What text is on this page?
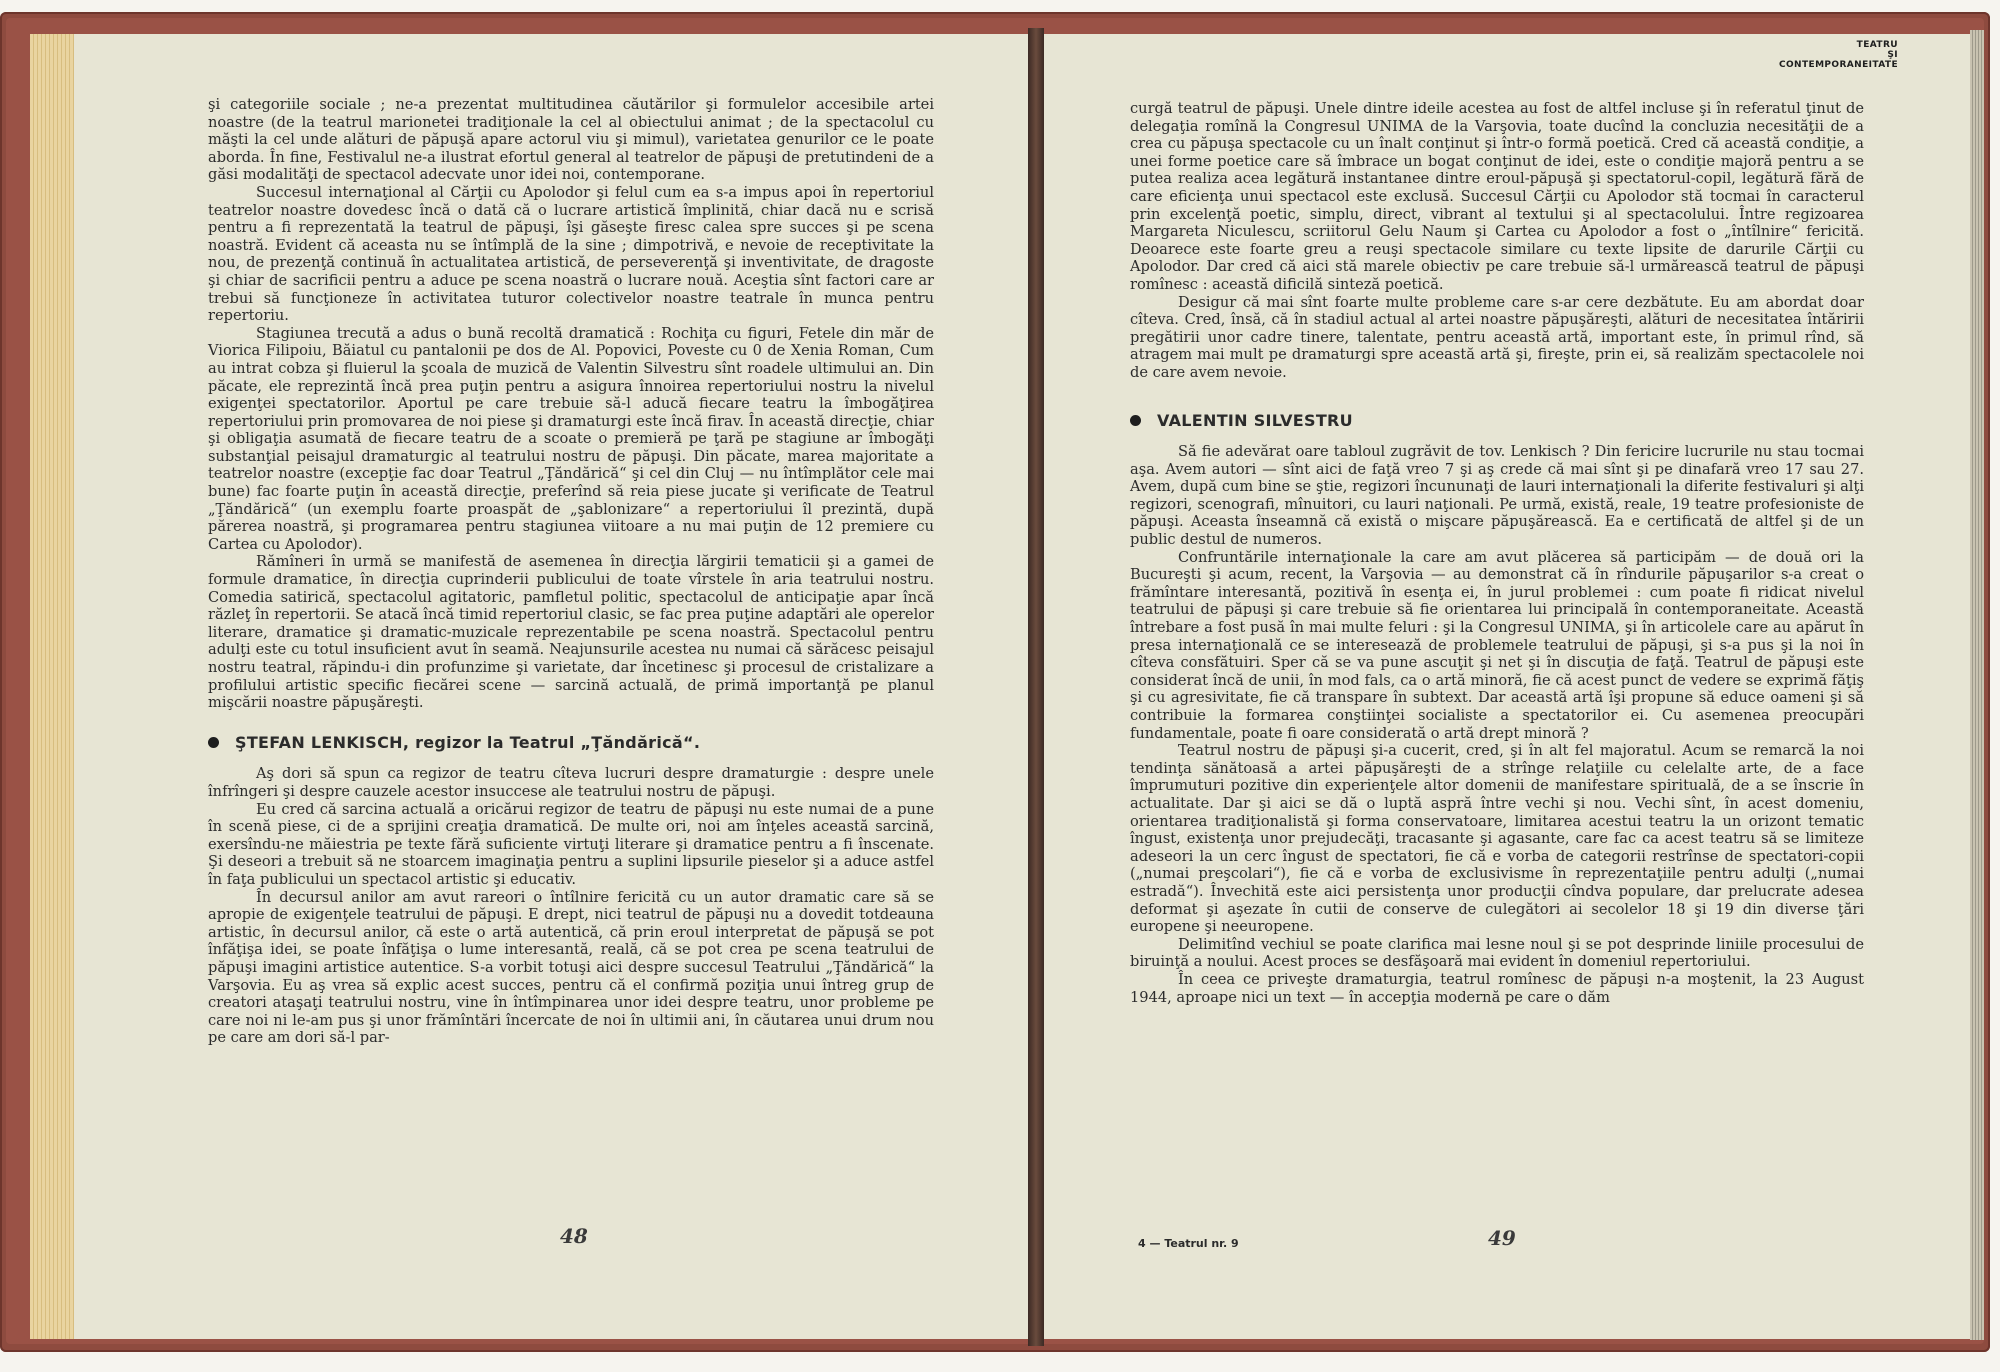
şi categoriile sociale ; ne-a prezentat multitudinea căutărilor şi formulelor accesibile artei noastre (de la teatrul marionetei tradiţionale la cel al obiectului animat ; de la spectacolul cu măşti la cel unde alături de păpuşă apare actorul viu şi mimul), varietatea genurilor ce le poate aborda. În fine, Festivalul ne-a ilustrat efortul general al teatrelor de păpuşi de pretutindeni de a găsi modalităţi de spectacol adecvate unor idei noi, contemporane.

Succesul internaţional al Cărţii cu Apolodor şi felul cum ea s-a impus apoi în repertoriul teatrelor noastre dovedesc încă o dată că o lucrare artistică împlinită, chiar dacă nu e scrisă pentru a fi reprezentată la teatrul de păpuşi, îşi găseşte firesc calea spre succes şi pe scena noastră. Evident că aceasta nu se întîmplă de la sine ; dimpotrivă, e nevoie de receptivitate la nou, de prezenţă continuă în actualitatea artistică, de perseverenţă şi inventivitate, de dragoste şi chiar de sacrificii pentru a aduce pe scena noastră o lucrare nouă. Aceştia sînt factori care ar trebui să funcţioneze în activitatea tuturor colectivelor noastre teatrale în munca pentru repertoriu.

Stagiunea trecută a adus o bună recoltă dramatică : Rochiţa cu figuri, Fetele din măr de Viorica Filipoiu, Băiatul cu pantalonii pe dos de Al. Popovici, Poveste cu 0 de Xenia Roman, Cum au intrat cobza şi fluierul la şcoala de muzică de Valentin Silvestru sînt roadele ultimului an. Din păcate, ele reprezintă încă prea puţin pentru a asigura înnoirea repertoriului nostru la nivelul exigenţei spectatorilor. Aportul pe care trebuie să-l aducă fiecare teatru la îmbogăţirea repertoriului prin promovarea de noi piese şi dramaturgi este încă firav. În această direcţie, chiar şi obligaţia asumată de fiecare teatru de a scoate o premieră pe ţară pe stagiune ar îmbogăţi substanţial peisajul dramaturgic al teatrului nostru de păpuşi. Din păcate, marea majoritate a teatrelor noastre (excepţie fac doar Teatrul „Ţăndărică“ şi cel din Cluj — nu întîmplător cele mai bune) fac foarte puţin în această direcţie, preferînd să reia piese jucate şi verificate de Teatrul „Ţăndărică“ (un exemplu foarte proaspăt de „şablonizare“ a repertoriului îl prezintă, după părerea noastră, şi programarea pentru stagiunea viitoare a nu mai puţin de 12 premiere cu Cartea cu Apolodor).

Rămîneri în urmă se manifestă de asemenea în direcţia lărgirii tematicii şi a gamei de formule dramatice, în direcţia cuprinderii publicului de toate vîrstele în aria teatrului nostru. Comedia satirică, spectacolul agitatoric, pamfletul politic, spectacolul de anticipaţie apar încă răzleţ în repertorii. Se atacă încă timid repertoriul clasic, se fac prea puţine adaptări ale operelor literare, dramatice şi dramatic-muzicale reprezentabile pe scena noastră. Spectacolul pentru adulţi este cu totul insuficient avut în seamă. Neajunsurile acestea nu numai că sărăcesc peisajul nostru teatral, răpindu-i din profunzime şi varietate, dar încetinesc şi procesul de cristalizare a profilului artistic specific fiecărei scene — sarcină actuală, de primă importanţă pe planul mişcării noastre păpuşăreşti.

ŞTEFAN LENKISCH, regizor la Teatrul „Ţăndărică“.

Aş dori să spun ca regizor de teatru cîteva lucruri despre dramaturgie : despre unele înfrîngeri şi despre cauzele acestor insuccese ale teatrului nostru de păpuşi.

Eu cred că sarcina actuală a oricărui regizor de teatru de păpuşi nu este numai de a pune în scenă piese, ci de a sprijini creaţia dramatică. De multe ori, noi am înţeles această sarcină, exersîndu-ne măiestria pe texte fără suficiente virtuţi literare şi dramatice pentru a fi înscenate. Şi deseori a trebuit să ne stoarcem imaginaţia pentru a suplini lipsurile pieselor şi a aduce astfel în faţa publicului un spectacol artistic şi educativ.

În decursul anilor am avut rareori o întîlnire fericită cu un autor dramatic care să se apropie de exigenţele teatrului de păpuşi. E drept, nici teatrul de păpuşi nu a dovedit totdeauna artistic, în decursul anilor, că este o artă autentică, că prin eroul interpretat de păpuşă se pot înfăţişa idei, se poate înfăţişa o lume interesantă, reală, că se pot crea pe scena teatrului de păpuşi imagini artistice autentice. S-a vorbit totuşi aici despre succesul Teatrului „Ţăndărică“ la Varşovia. Eu aş vrea să explic acest succes, pentru că el confirmă poziţia unui întreg grup de creatori ataşaţi teatrului nostru, vine în întîmpinarea unor idei despre teatru, unor probleme pe care noi ni le-am pus şi unor frămîntări încercate de noi în ultimii ani, în căutarea unui drum nou pe care am dori să-l par-

48
TEATRU
ŞI
CONTEMPORANEITATE

curgă teatrul de păpuşi. Unele dintre ideile acestea au fost de altfel incluse şi în referatul ţinut de delegaţia romînă la Congresul UNIMA de la Varşovia, toate ducînd la concluzia necesităţii de a crea cu păpuşa spectacole cu un înalt conţinut şi într-o formă poetică. Cred că această condiţie, a unei forme poetice care să îmbrace un bogat conţinut de idei, este o condiţie majoră pentru a se putea realiza acea legătură instantanee dintre eroul-păpuşă şi spectatorul-copil, legătură fără de care eficienţa unui spectacol este exclusă. Succesul Cărţii cu Apolodor stă tocmai în caracterul prin excelenţă poetic, simplu, direct, vibrant al textului şi al spectacolului. Între regizoarea Margareta Niculescu, scriitorul Gelu Naum şi Cartea cu Apolodor a fost o „întîlnire“ fericită. Deoarece este foarte greu a reuşi spectacole similare cu texte lipsite de darurile Cărţii cu Apolodor. Dar cred că aici stă marele obiectiv pe care trebuie să-l urmărească teatrul de păpuşi romînesc : această dificilă sinteză poetică.

Desigur că mai sînt foarte multe probleme care s-ar cere dezbătute. Eu am abordat doar cîteva. Cred, însă, că în stadiul actual al artei noastre păpuşăreşti, alături de necesitatea întăririi pregătirii unor cadre tinere, talentate, pentru această artă, important este, în primul rînd, să atragem mai mult pe dramaturgi spre această artă şi, fireşte, prin ei, să realizăm spectacolele noi de care avem nevoie.

VALENTIN SILVESTRU

Să fie adevărat oare tabloul zugrăvit de tov. Lenkisch ? Din fericire lucrurile nu stau tocmai aşa. Avem autori — sînt aici de faţă vreo 7 şi aş crede că mai sînt şi pe dinafară vreo 17 sau 27. Avem, după cum bine se ştie, regizori încununaţi de lauri internaţionali la diferite festivaluri şi alţi regizori, scenografi, mînuitori, cu lauri naţionali. Pe urmă, există, reale, 19 teatre profesioniste de păpuşi. Aceasta înseamnă că există o mişcare păpuşărească. Ea e certificată de altfel şi de un public destul de numeros.

Confruntările internaţionale la care am avut plăcerea să participăm — de două ori la Bucureşti şi acum, recent, la Varşovia — au demonstrat că în rîndurile păpuşarilor s-a creat o frămîntare interesantă, pozitivă în esenţa ei, în jurul problemei : cum poate fi ridicat nivelul teatrului de păpuşi şi care trebuie să fie orientarea lui principală în contemporaneitate. Această întrebare a fost pusă în mai multe feluri : şi la Congresul UNIMA, şi în articolele care au apărut în presa internaţională ce se interesează de problemele teatrului de păpuşi, şi s-a pus şi la noi în cîteva consfătuiri. Sper că se va pune ascuţit şi net şi în discuţia de faţă. Teatrul de păpuşi este considerat încă de unii, în mod fals, ca o artă minoră, fie că acest punct de vedere se exprimă făţiş şi cu agresivitate, fie că transpare în subtext. Dar această artă îşi propune să educe oameni şi să contribuie la formarea conştiinţei socialiste a spectatorilor ei. Cu asemenea preocupări fundamentale, poate fi oare considerată o artă drept minoră ?

Teatrul nostru de păpuşi şi-a cucerit, cred, şi în alt fel majoratul. Acum se remarcă la noi tendinţa sănătoasă a artei păpuşăreşti de a strînge relaţiile cu celelalte arte, de a face împrumuturi pozitive din experienţele altor domenii de manifestare spirituală, de a se înscrie în actualitate. Dar şi aici se dă o luptă aspră între vechi şi nou. Vechi sînt, în acest domeniu, orientarea tradiţionalistă şi forma conservatoare, limitarea acestui teatru la un orizont tematic îngust, existenţa unor prejudecăţi, tracasante şi agasante, care fac ca acest teatru să se limiteze adeseori la un cerc îngust de spectatori, fie că e vorba de categorii restrînse de spectatori-copii („numai preşcolari“), fie că e vorba de exclusivisme în reprezentaţiile pentru adulţi („numai estradă“). Învechită este aici persistenţa unor producţii cîndva populare, dar prelucrate adesea deformat şi aşezate în cutii de conserve de culegători ai secolelor 18 şi 19 din diverse ţări europene şi neeuropene.

Delimitînd vechiul se poate clarifica mai lesne noul şi se pot desprinde liniile procesului de biruinţă a noului. Acest proces se desfăşoară mai evident în domeniul repertoriului.

În ceea ce priveşte dramaturgia, teatrul romînesc de păpuşi n-a moştenit, la 23 August 1944, aproape nici un text — în accepţia modernă pe care o dăm

4 — Teatrul nr. 9	49
